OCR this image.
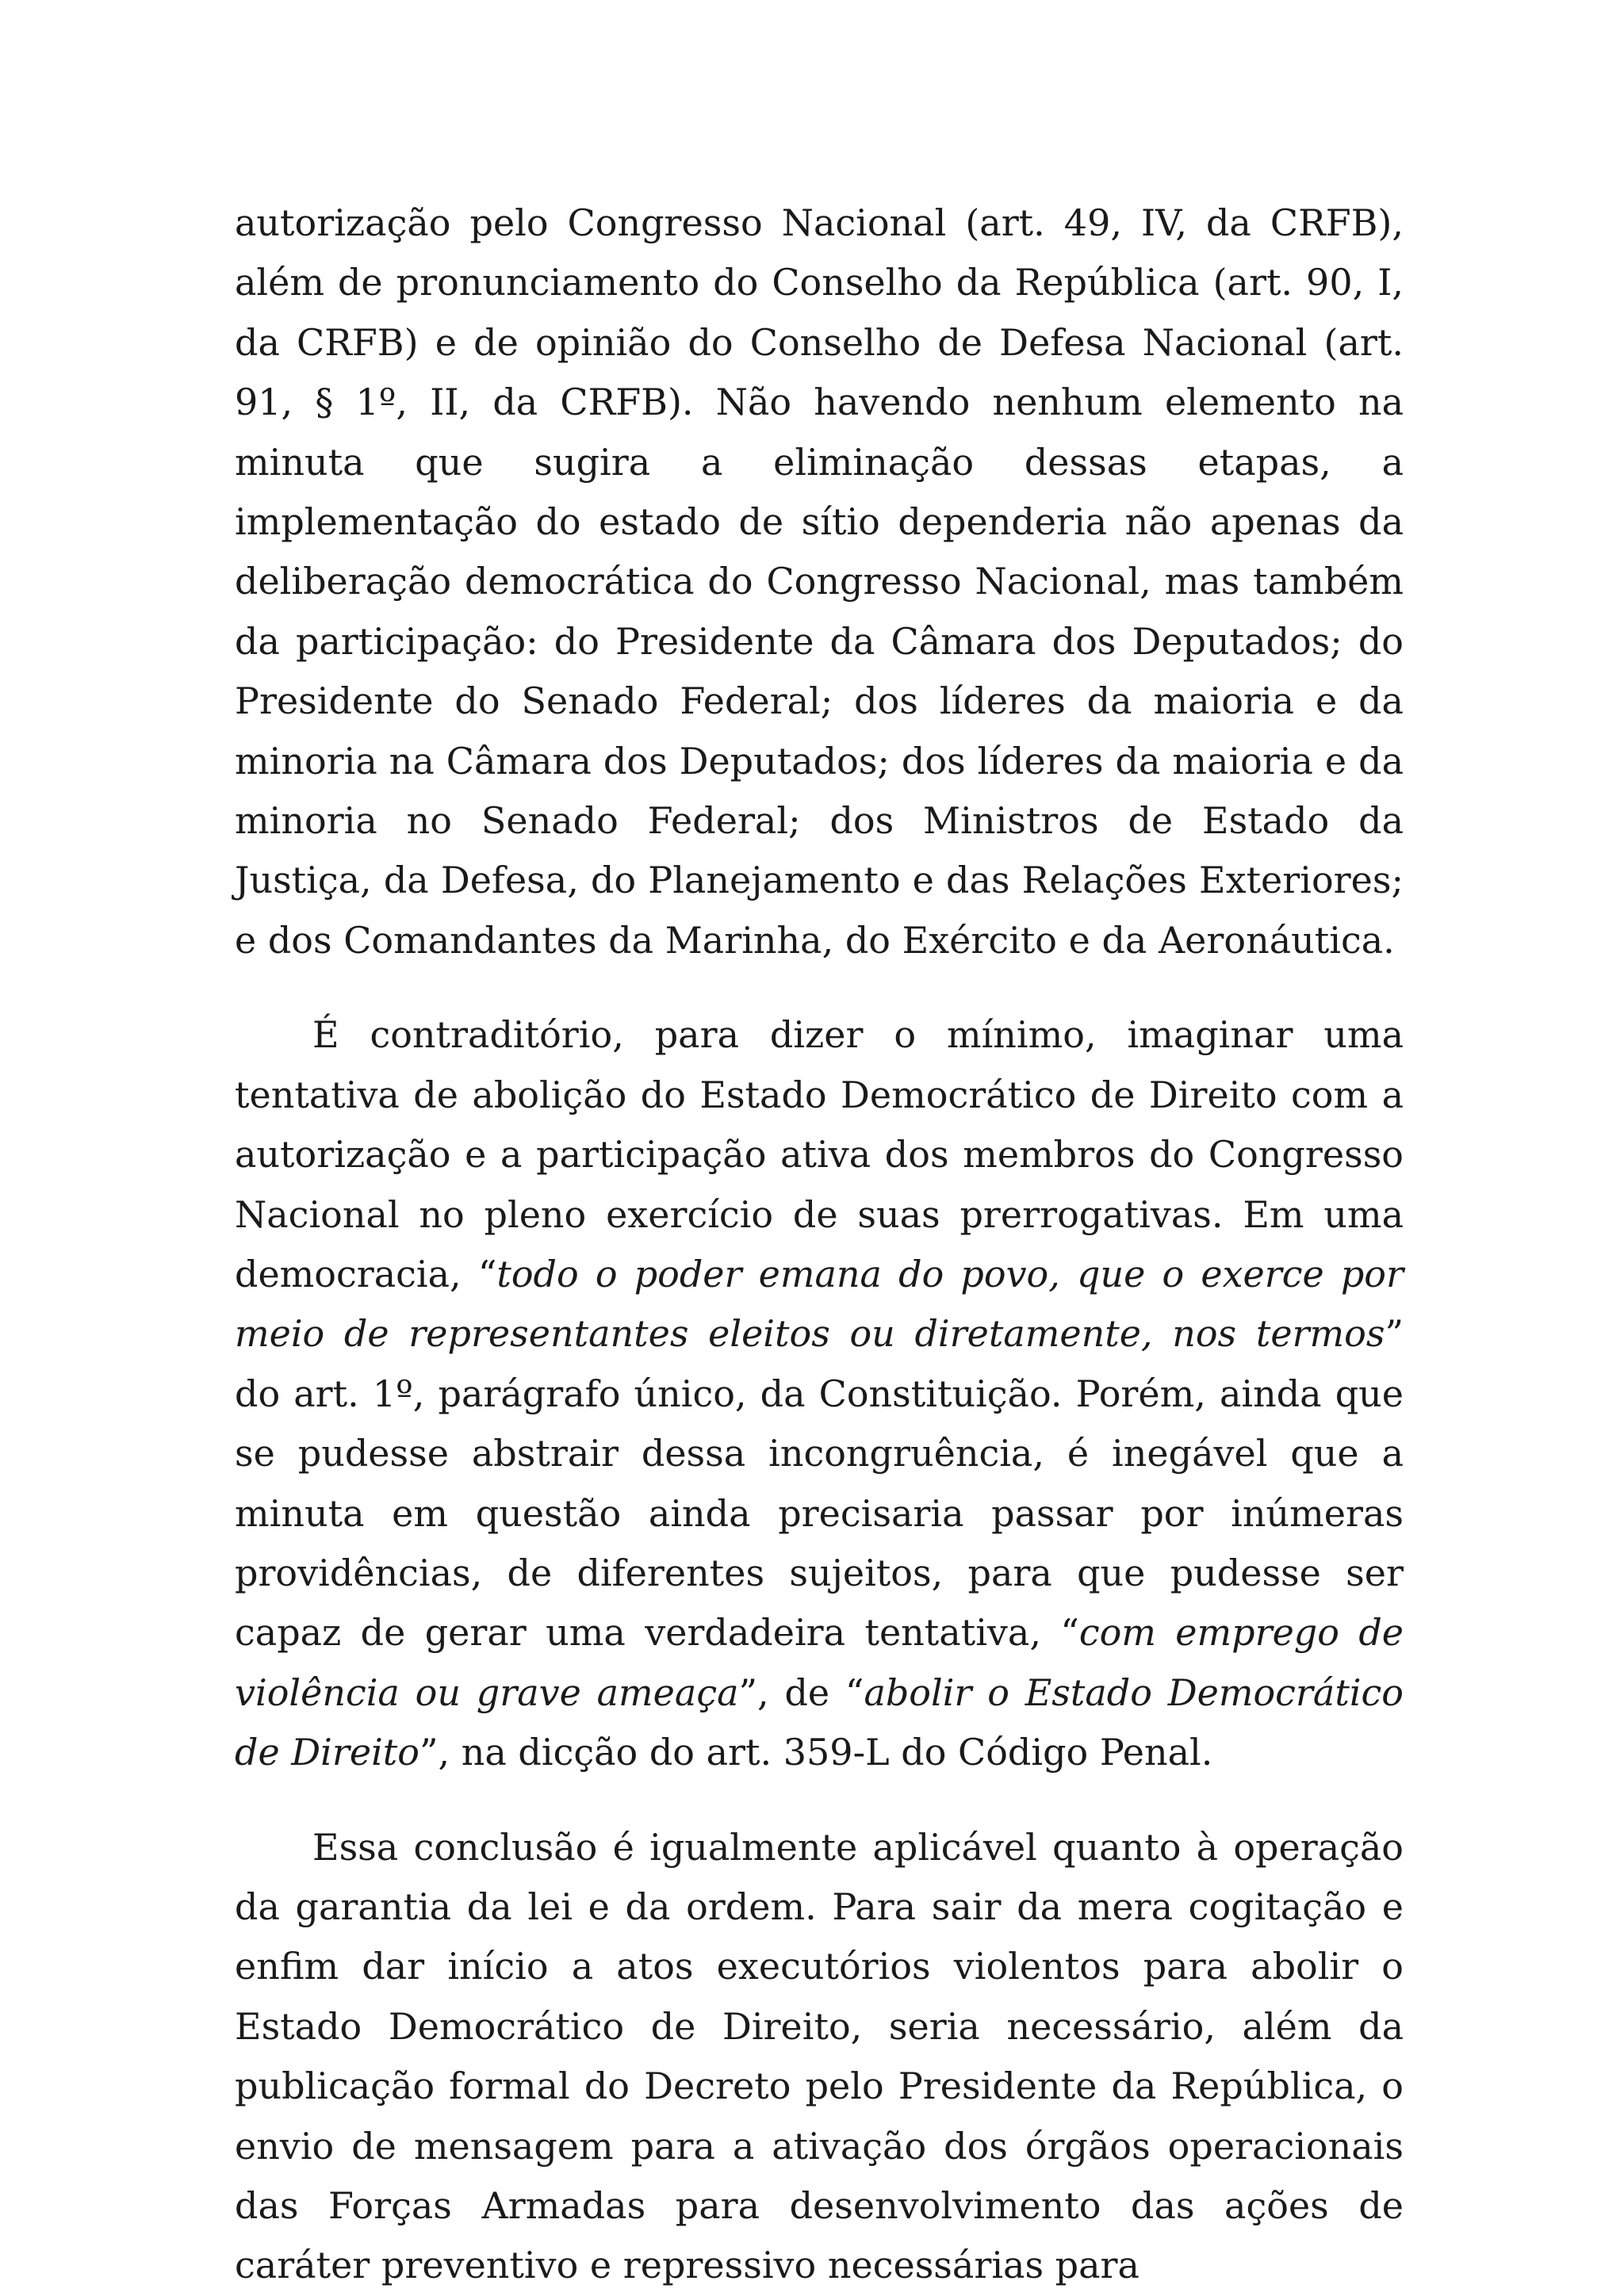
autorização pelo Congresso Nacional (art. 49, IV, da CRFB), além de pronunciamento do Conselho da República (art. 90, I, da CRFB) e de opinião do Conselho de Defesa Nacional (art. 91, § 1º, II, da CRFB). Não havendo nenhum elemento na minuta que sugira a eliminação dessas etapas, a implementação do estado de sítio dependeria não apenas da deliberação democrática do Congresso Nacional, mas também da participação: do Presidente da Câmara dos Deputados; do Presidente do Senado Federal; dos líderes da maioria e da minoria na Câmara dos Deputados; dos líderes da maioria e da minoria no Senado Federal; dos Ministros de Estado da Justiça, da Defesa, do Planejamento e das Relações Exteriores; e dos Comandantes da Marinha, do Exército e da Aeronáutica.

É contraditório, para dizer o mínimo, imaginar uma tentativa de abolição do Estado Democrático de Direito com a autorização e a participação ativa dos membros do Congresso Nacional no pleno exercício de suas prerrogativas. Em uma democracia, “todo o poder emana do povo, que o exerce por meio de representantes eleitos ou diretamente, nos termos” do art. 1º, parágrafo único, da Constituição. Porém, ainda que se pudesse abstrair dessa incongruência, é inegável que a minuta em questão ainda precisaria passar por inúmeras providências, de diferentes sujeitos, para que pudesse ser capaz de gerar uma verdadeira tentativa, “com emprego de violência ou grave ameaça”, de “abolir o Estado Democrático de Direito”, na dicção do art. 359-L do Código Penal.

Essa conclusão é igualmente aplicável quanto à operação da garantia da lei e da ordem. Para sair da mera cogitação e enfim dar início a atos executórios violentos para abolir o Estado Democrático de Direito, seria necessário, além da publicação formal do Decreto pelo Presidente da República, o envio de mensagem para a ativação dos órgãos operacionais das Forças Armadas para desenvolvimento das ações de caráter preventivo e repressivo necessárias para
